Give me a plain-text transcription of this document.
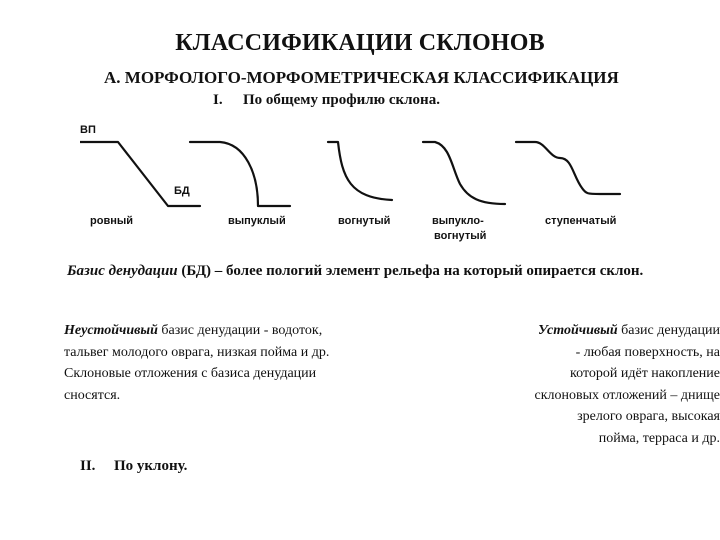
КЛАССИФИКАЦИИ СКЛОНОВ
А. МОРФОЛОГО-МОРФОМЕТРИЧЕСКАЯ КЛАССИФИКАЦИЯ
I. По общему профилю склона.
ВП
БД
ровный	выпуклый	вогнутый	выпукло-
вогнутый
ступенчатый
Базис денудации (БД) – более пологий элемент рельефа на который опирается склон.
Неустойчивый базис денудации - водоток, тальвег молодого оврага, низкая пойма и др. Склоновые отложения с базиса денудации сносятся.
Устойчивый базис денудации
- любая поверхность, на
которой идёт накопление
склоновых отложений – днище
зрелого оврага, высокая
пойма, терраса и др.
II. По уклону.
